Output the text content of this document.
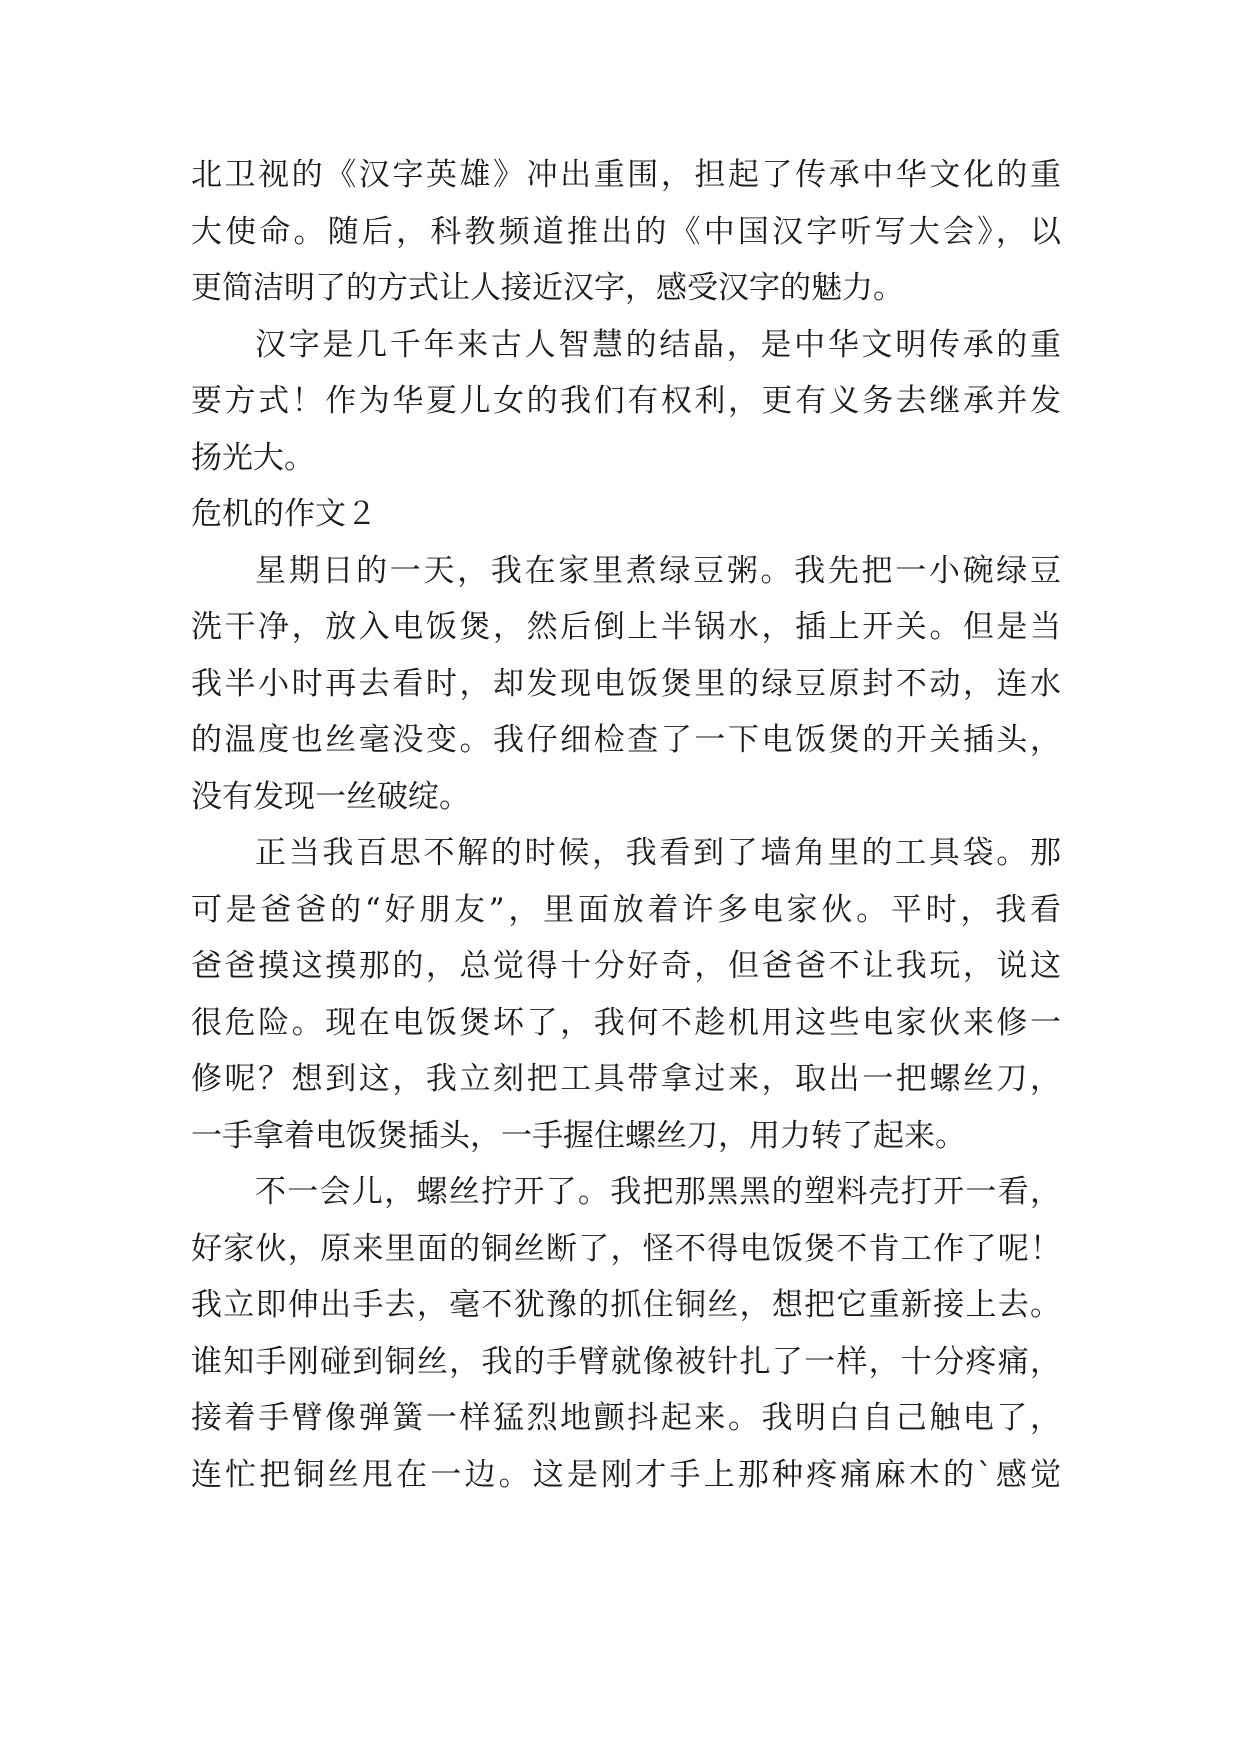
北卫视的《汉字英雄》冲出重围，担起了传承中华文化的重
大使命。随后，科教频道推出的《中国汉字听写大会》，以
更简洁明了的方式让人接近汉字，感受汉字的魅力。
汉字是几千年来古人智慧的结晶，是中华文明传承的重
要方式！作为华夏儿女的我们有权利，更有义务去继承并发
扬光大。
危机的作文２
星期日的一天，我在家里煮绿豆粥。我先把一小碗绿豆
洗干净，放入电饭煲，然后倒上半锅水，插上开关。但是当
我半小时再去看时，却发现电饭煲里的绿豆原封不动，连水
的温度也丝毫没变。我仔细检查了一下电饭煲的开关插头，
没有发现一丝破绽。
正当我百思不解的时候，我看到了墙角里的工具袋。那
可是爸爸的“好朋友”，里面放着许多电家伙。平时，我看
爸爸摸这摸那的，总觉得十分好奇，但爸爸不让我玩，说这
很危险。现在电饭煲坏了，我何不趁机用这些电家伙来修一
修呢？想到这，我立刻把工具带拿过来，取出一把螺丝刀，
一手拿着电饭煲插头，一手握住螺丝刀，用力转了起来。
不一会儿，螺丝拧开了。我把那黑黑的塑料壳打开一看，
好家伙，原来里面的铜丝断了，怪不得电饭煲不肯工作了呢！
我立即伸出手去，毫不犹豫的抓住铜丝，想把它重新接上去。
谁知手刚碰到铜丝，我的手臂就像被针扎了一样，十分疼痛，
接着手臂像弹簧一样猛烈地颤抖起来。我明白自己触电了，
连忙把铜丝甩在一边。这是刚才手上那种疼痛麻木的`感觉
